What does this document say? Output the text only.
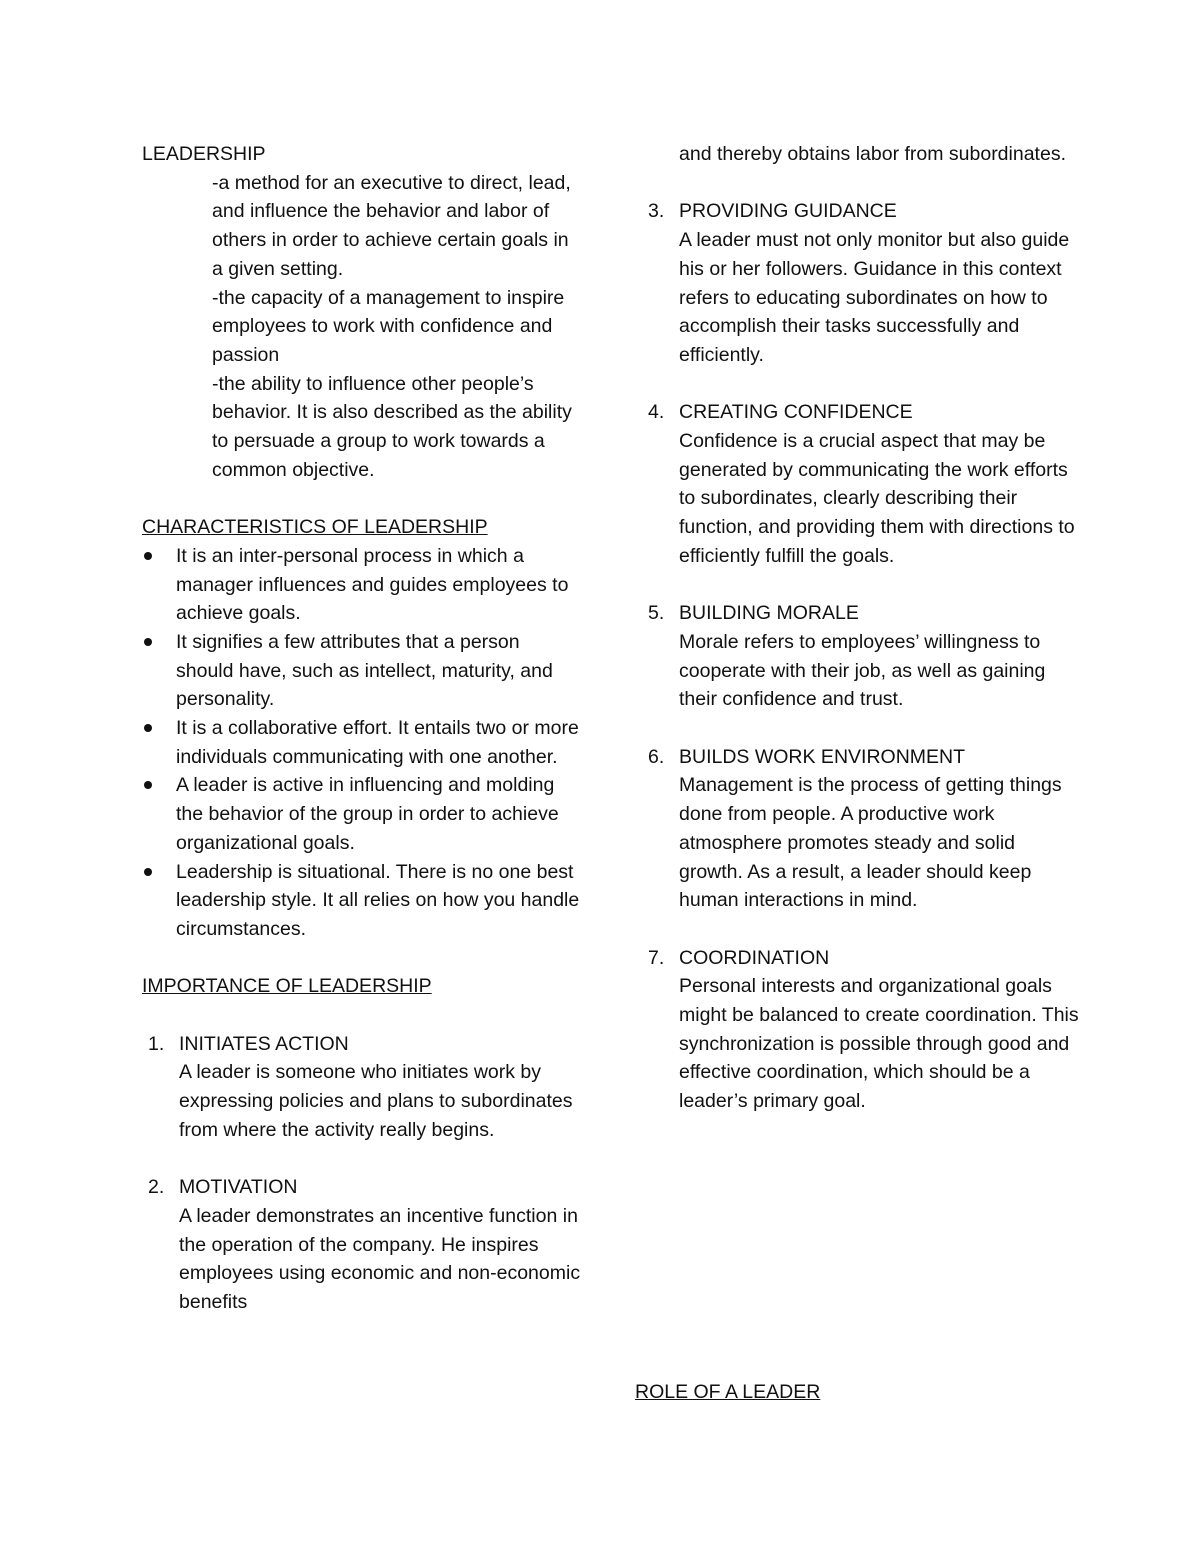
LEADERSHIP
-a method for an executive to direct, lead, and influence the behavior and labor of others in order to achieve certain goals in a given setting.
-the capacity of a management to inspire employees to work with confidence and passion
-the ability to influence other people’s behavior. It is also described as the ability to persuade a group to work towards a common objective.
CHARACTERISTICS OF LEADERSHIP
It is an inter-personal process in which a manager influences and guides employees to achieve goals.
It signifies a few attributes that a person should have, such as intellect, maturity, and personality.
It is a collaborative effort. It entails two or more individuals communicating with one another.
A leader is active in influencing and molding the behavior of the group in order to achieve organizational goals.
Leadership is situational. There is no one best leadership style. It all relies on how you handle circumstances.
IMPORTANCE OF LEADERSHIP
1. INITIATES ACTION
A leader is someone who initiates work by expressing policies and plans to subordinates from where the activity really begins.
2. MOTIVATION
A leader demonstrates an incentive function in the operation of the company. He inspires employees using economic and non-economic benefits
and thereby obtains labor from subordinates.
3. PROVIDING GUIDANCE
A leader must not only monitor but also guide his or her followers. Guidance in this context refers to educating subordinates on how to accomplish their tasks successfully and efficiently.
4. CREATING CONFIDENCE
Confidence is a crucial aspect that may be generated by communicating the work efforts to subordinates, clearly describing their function, and providing them with directions to efficiently fulfill the goals.
5. BUILDING MORALE
Morale refers to employees’ willingness to cooperate with their job, as well as gaining their confidence and trust.
6. BUILDS WORK ENVIRONMENT
Management is the process of getting things done from people. A productive work atmosphere promotes steady and solid growth. As a result, a leader should keep human interactions in mind.
7. COORDINATION
Personal interests and organizational goals might be balanced to create coordination. This synchronization is possible through good and effective coordination, which should be a leader’s primary goal.
ROLE OF A LEADER
